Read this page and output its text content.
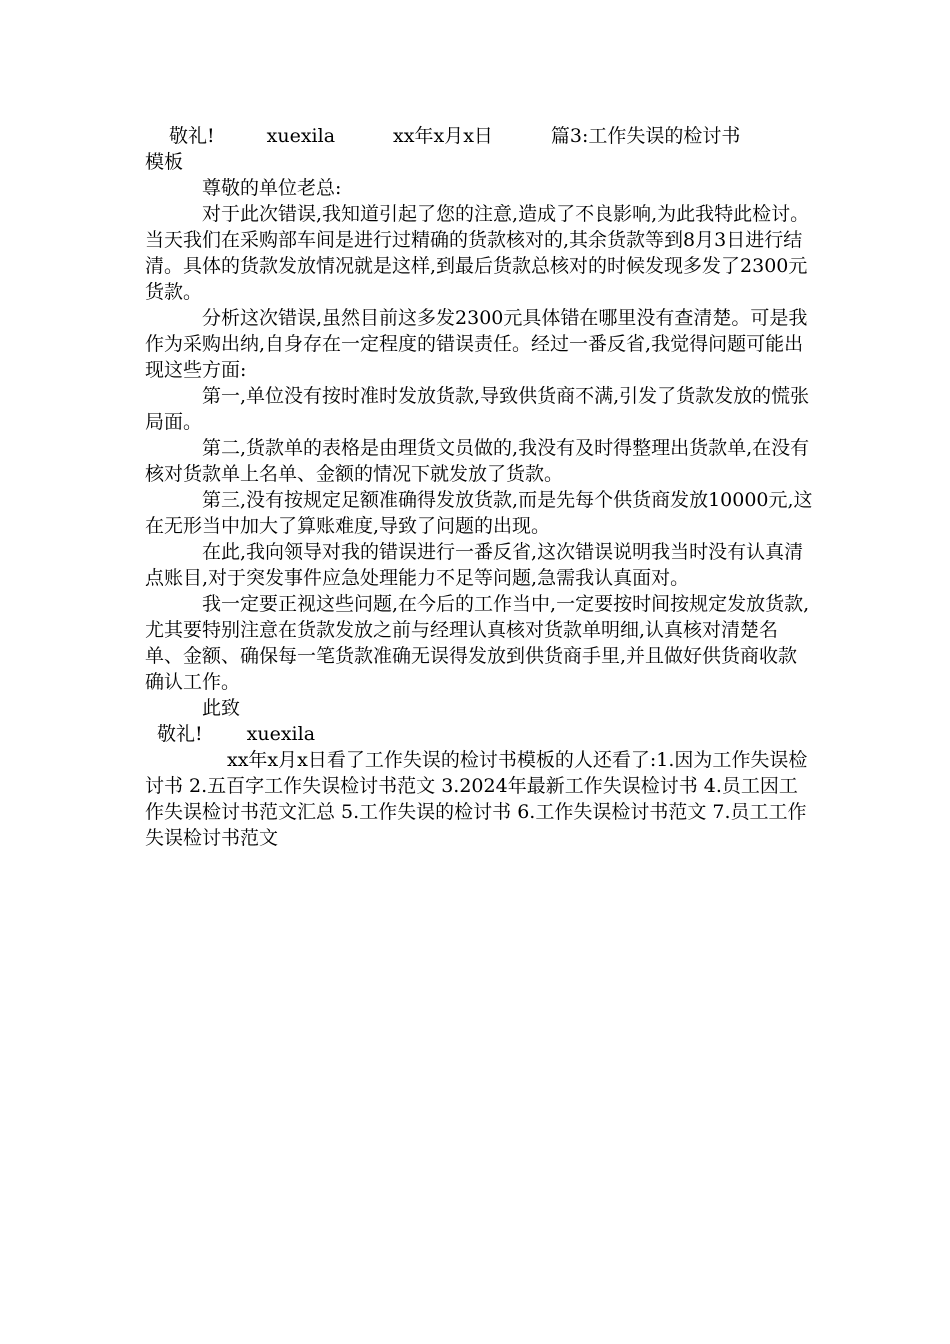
敬礼!	xuexila	xx年x月x日	篇3:工作失误的检讨书

模板

尊敬的单位老总:

对于此次错误,我知道引起了您的注意,造成了不良影响,为此我特此检讨。当天我们在采购部车间是进行过精确的货款核对的,其余货款等到8月3日进行结清。具体的货款发放情况就是这样,到最后货款总核对的时候发现多发了2300元货款。

分析这次错误,虽然目前这多发2300元具体错在哪里没有查清楚。可是我作为采购出纳,自身存在一定程度的错误责任。经过一番反省,我觉得问题可能出现这些方面:

第一,单位没有按时准时发放货款,导致供货商不满,引发了货款发放的慌张局面。

第二,货款单的表格是由理货文员做的,我没有及时得整理出货款单,在没有核对货款单上名单、金额的情况下就发放了货款。

第三,没有按规定足额准确得发放货款,而是先每个供货商发放10000元,这在无形当中加大了算账难度,导致了问题的出现。

在此,我向领导对我的错误进行一番反省,这次错误说明我当时没有认真清点账目,对于突发事件应急处理能力不足等问题,急需我认真面对。

我一定要正视这些问题,在今后的工作当中,一定要按时间按规定发放货款,尤其要特别注意在货款发放之前与经理认真核对货款单明细,认真核对清楚名单、金额、确保每一笔货款准确无误得发放到供货商手里,并且做好供货商收款确认工作。

此致

敬礼! xuexila

xx年x月x日看了工作失误的检讨书模板的人还看了:1.因为工作失误检讨书 2.五百字工作失误检讨书范文 3.2024年最新工作失误检讨书 4.员工因工作失误检讨书范文汇总 5.工作失误的检讨书 6.工作失误检讨书范文 7.员工工作失误检讨书范文
